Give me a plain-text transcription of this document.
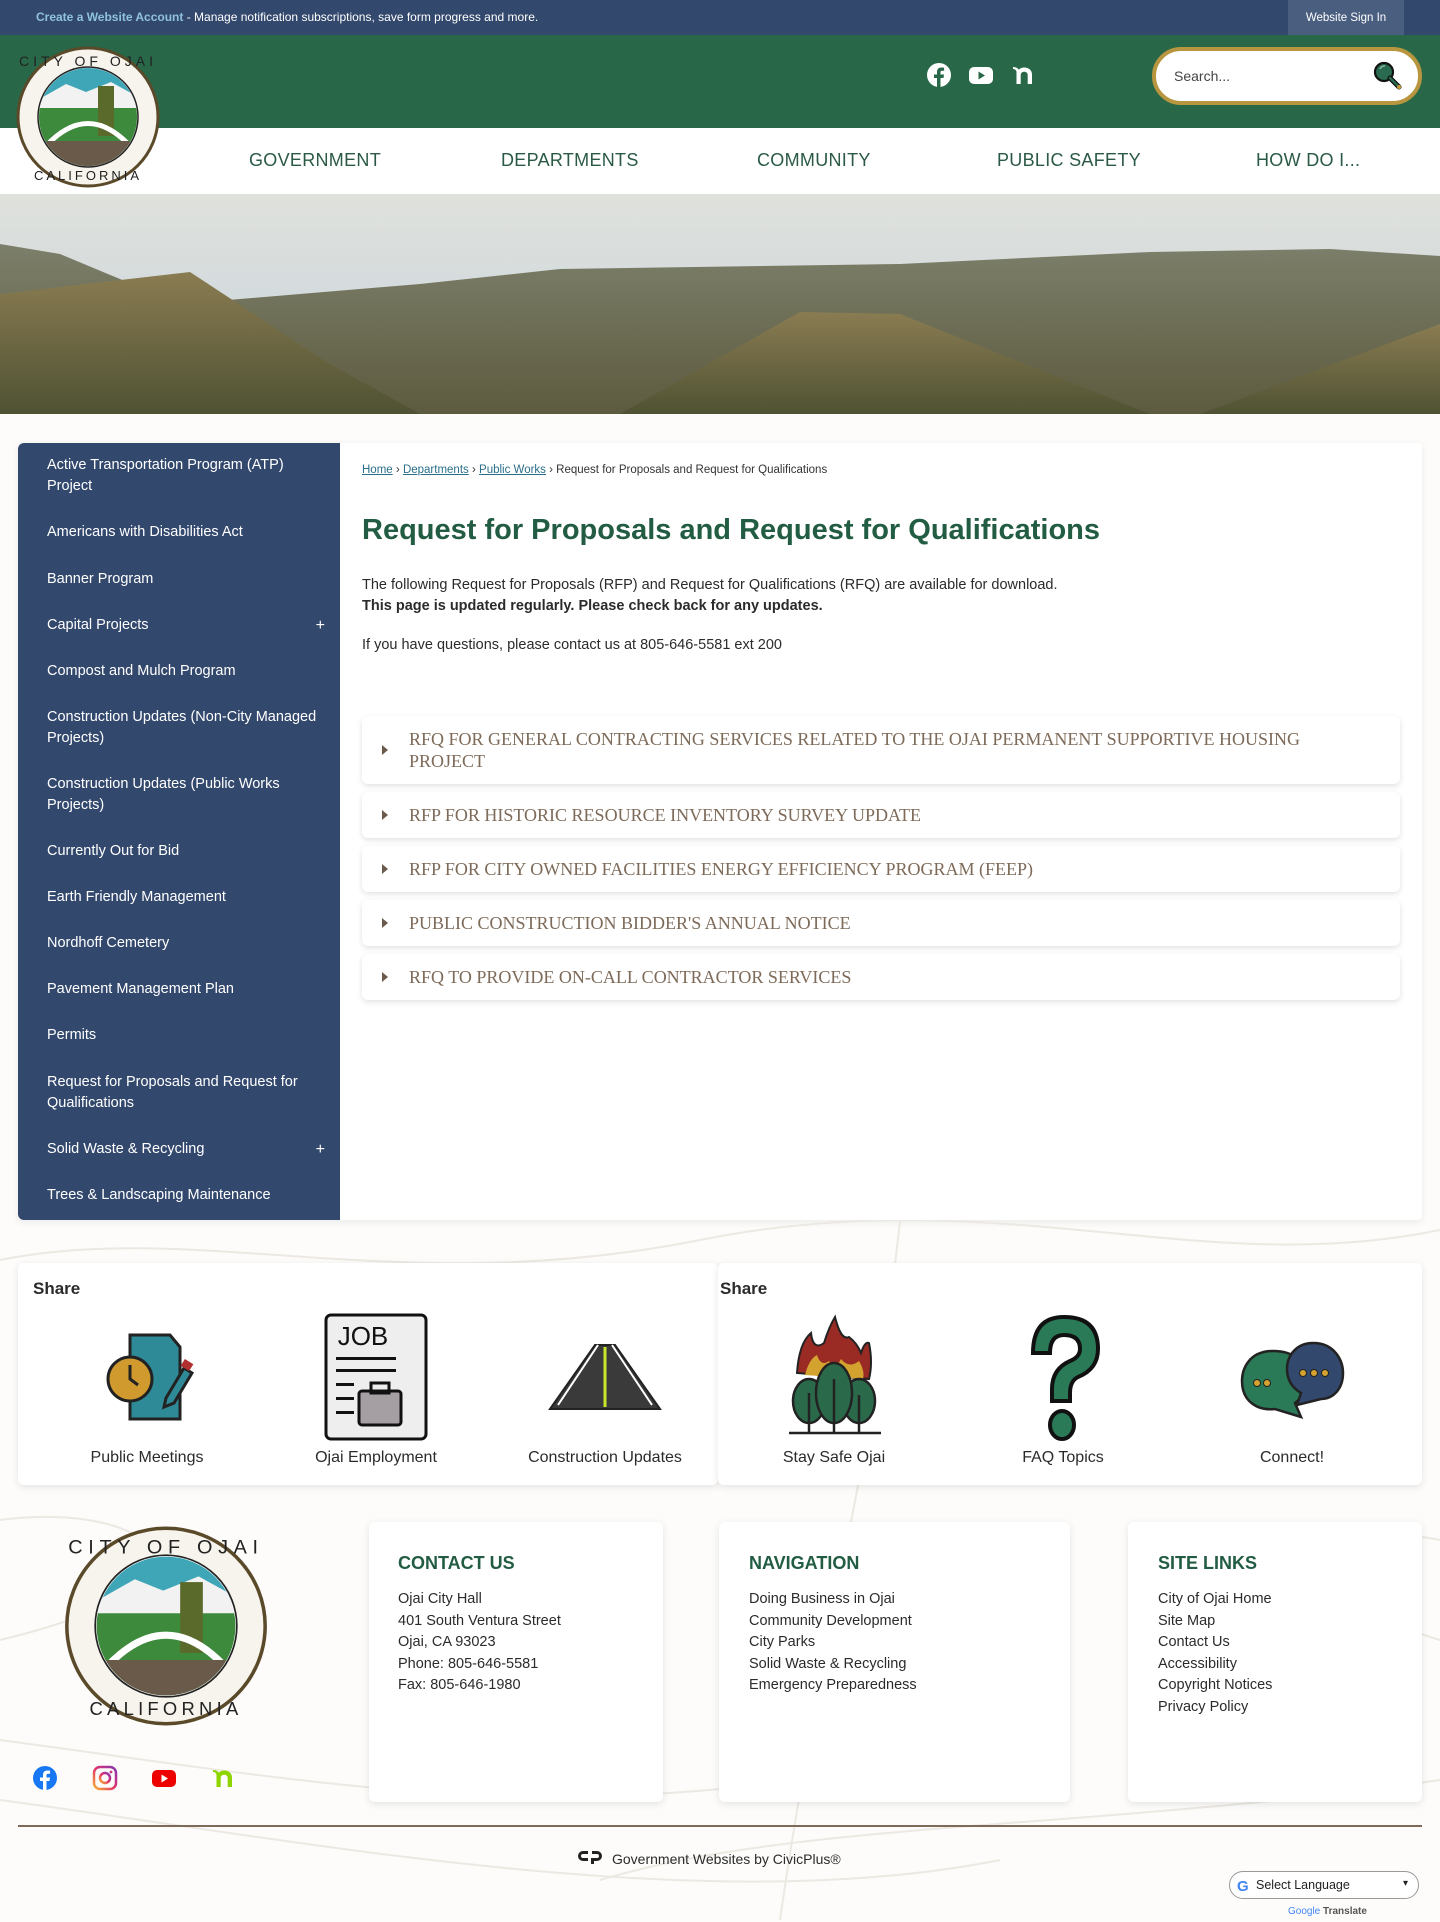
Create a Website Account - Manage notification subscriptions, save form progress and more.	Website Sign In
Search...
GOVERNMENT	DEPARTMENTS	COMMUNITY	PUBLIC SAFETY	HOW DO I...
CITY OF OJAI
CALIFORNIA
Active Transportation Program (ATP) Project
Americans with Disabilities Act
Banner Program
Capital Projects	+
Compost and Mulch Program
Construction Updates (Non-City Managed Projects)
Construction Updates (Public Works Projects)
Currently Out for Bid
Earth Friendly Management
Nordhoff Cemetery
Pavement Management Plan
Permits
Request for Proposals and Request for Qualifications
Solid Waste & Recycling	+
Trees & Landscaping Maintenance
Home › Departments › Public Works › Request for Proposals and Request for Qualifications
Request for Proposals and Request for Qualifications
The following Request for Proposals (RFP) and Request for Qualifications (RFQ) are available for download.
This page is updated regularly. Please check back for any updates.
If you have questions, please contact us at 805-646-5581 ext 200
RFQ FOR GENERAL CONTRACTING SERVICES RELATED TO THE OJAI PERMANENT SUPPORTIVE HOUSING PROJECT
RFP FOR HISTORIC RESOURCE INVENTORY SURVEY UPDATE
RFP FOR CITY OWNED FACILITIES ENERGY EFFICIENCY PROGRAM (FEEP)
PUBLIC CONSTRUCTION BIDDER'S ANNUAL NOTICE
RFQ TO PROVIDE ON-CALL CONTRACTOR SERVICES
Share	Share
Public Meetings
JOB
Ojai Employment	Construction Updates	Stay Safe Ojai	FAQ Topics	Connect!
CITY OF OJAI
CALIFORNIA
CONTACT US
Ojai City Hall
401 South Ventura Street
Ojai, CA 93023
Phone: 805-646-5581
Fax: 805-646-1980
NAVIGATION
Doing Business in Ojai
Community Development
City Parks
Solid Waste & Recycling
Emergency Preparedness
SITE LINKS
City of Ojai Home
Site Map
Contact Us
Accessibility
Copyright Notices
Privacy Policy
Government Websites by CivicPlus®
G Select Language	▾
Google Translate
